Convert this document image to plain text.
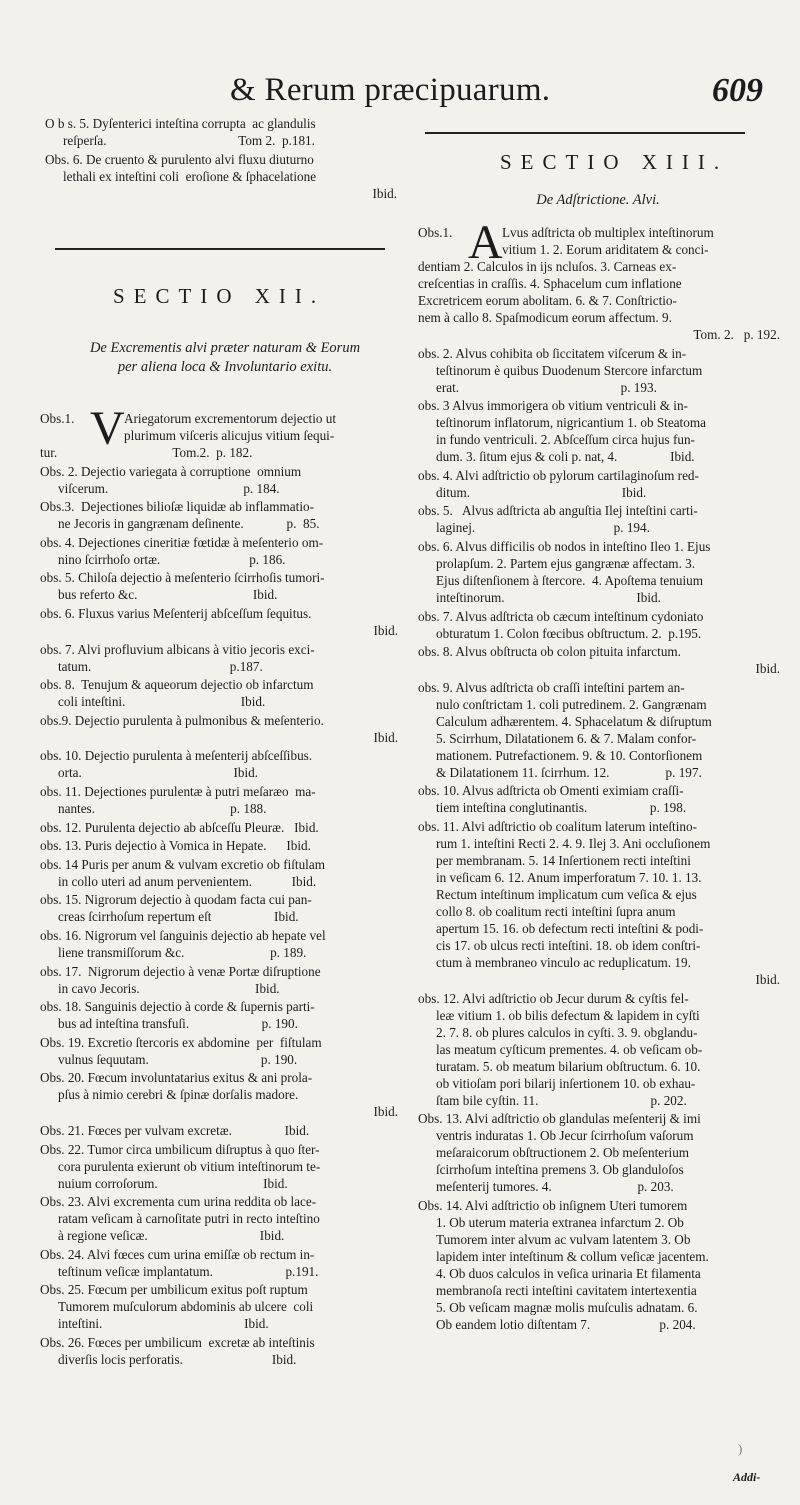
& Rerum præcipuarum.	609
SECTIO XII.
De Excrementis alvi præter naturam & Eorum
per aliena loca & Involuntario exitu.
SECTIO XIII.
De Adſtrictione. Alvi.
)
Addi-
O b s. 5. Dyſenterici inteſtina corrupta  ac glandulis
reſperſa.                                        Tom 2.  p.181.
Obs. 6. De cruento & purulento alvi fluxu diuturno
lethali ex inteſtini coli  eroſione & ſphacelatione
Ibid.
V
Obs.1.	Ariegatorum excrementorum dejectio ut
plurimum viſceris alicujus vitium ſequi-
tur.                                   Tom.2.  p. 182.
Obs. 2. Dejectio variegata à corruptione  omnium
viſcerum.                                         p. 184.
Obs.3.  Dejectiones bilioſæ liquidæ ab inflammatio-
ne Jecoris in gangrænam deſinente.             p.  85.
obs. 4. Dejectiones cineritiæ fœtidæ à meſenterio om-
nino ſcirrhoſo ortæ.                           p. 186.
obs. 5. Chiloſa dejectio à meſenterio ſcirrhoſis tumori-
bus referto &c.                                   Ibid.
obs. 6. Fluxus varius Meſenterij abſceſſum ſequitus.
Ibid.
obs. 7. Alvi profluvium albicans à vitio jecoris exci-
tatum.                                          p.187.
obs. 8.  Tenujum & aqueorum dejectio ob infarctum
coli inteſtini.                                   Ibid.
obs.9. Dejectio purulenta à pulmonibus & meſenterio.
Ibid.
obs. 10. Dejectio purulenta à meſenterij abſceſſibus.
orta.                                              Ibid.
obs. 11. Dejectiones purulentæ à putri meſaræo  ma-
nantes.                                         p. 188.
obs. 12. Purulenta dejectio ab abſceſſu Pleuræ.   Ibid.
obs. 13. Puris dejectio à Vomica in Hepate.      Ibid.
obs. 14 Puris per anum & vulvam excretio ob fiſtulam
in collo uteri ad anum pervenientem.            Ibid.
obs. 15. Nigrorum dejectio à quodam facta cui pan-
creas ſcirrhoſum repertum eſt                   Ibid.
obs. 16. Nigrorum vel ſanguinis dejectio ab hepate vel
liene transmiſſorum &c.                          p. 189.
obs. 17.  Nigrorum dejectio à venæ Portæ diſruptione
in cavo Jecoris.                                   Ibid.
obs. 18. Sanguinis dejectio à corde & ſupernis parti-
bus ad inteſtina transfuſi.                      p. 190.
Obs. 19. Excretio ſtercoris ex abdomine  per  fiſtulam
vulnus ſequutam.                                  p. 190.
Obs. 20. Fœcum involuntatarius exitus & ani prola-
pſus à nimio cerebri & ſpinæ dorſalis madore.
Ibid.
Obs. 21. Fœces per vulvam excretæ.                Ibid.
Obs. 22. Tumor circa umbilicum diſruptus à quo ſter-
cora purulenta exierunt ob vitium inteſtinorum te-
nuium corroſorum.                                Ibid.
Obs. 23. Alvi excrementa cum urina reddita ob lace-
ratam veſicam à carnoſitate putri in recto inteſtino
à regione veſicæ.                                  Ibid.
Obs. 24. Alvi fœces cum urina emiſſæ ob rectum in-
teſtinum veſicæ implantatum.                      p.191.
Obs. 25. Fœcum per umbilicum exitus poſt ruptum
Tumorem muſculorum abdominis ab ulcere  coli
inteſtini.                                           Ibid.
Obs. 26. Fœces per umbilicum  excretæ ab inteſtinis
diverſis locis perforatis.                           Ibid.
A
Obs.1.	Lvus adſtricta ob multiplex inteſtinorum
vitium 1. 2. Eorum ariditatem & conci-
dentiam 2. Calculos in ijs ncluſos. 3. Carneas ex-
creſcentias in craſſis. 4. Sphacelum cum inflatione
Excretricem eorum abolitam. 6. & 7. Conſtrictio-
nem à callo 8. Spaſmodicum eorum affectum. 9.
Tom. 2.   p. 192.
obs. 2. Alvus cohibita ob ſiccitatem viſcerum & in-
teſtinorum è quibus Duodenum Stercore infarctum
erat.                                                 p. 193.
obs. 3 Alvus immorigera ob vitium ventriculi & in-
teſtinorum inflatorum, nigricantium 1. ob Steatoma
in fundo ventriculi. 2. Abſceſſum circa hujus fun-
dum. 3. ſitum ejus & coli p. nat, 4.                Ibid.
obs. 4. Alvi adſtrictio ob pylorum cartilaginoſum red-
ditum.                                              Ibid.
obs. 5.   Alvus adſtricta ab anguſtia Ilej inteſtini carti-
laginej.                                          p. 194.
obs. 6. Alvus difficilis ob nodos in inteſtino Ileo 1. Ejus
prolapſum. 2. Partem ejus gangrænæ affectam. 3.
Ejus diſtenſionem à ſtercore.  4. Apoſtema tenuium
inteſtinorum.                                        Ibid.
obs. 7. Alvus adſtricta ob cæcum inteſtinum cydoniato
obturatum 1. Colon fœcibus obſtructum. 2.  p.195.
obs. 8. Alvus obſtructa ob colon pituita infarctum.
Ibid.
obs. 9. Alvus adſtricta ob craſſi inteſtini partem an-
nulo conſtrictam 1. coli putredinem. 2. Gangrænam
Calculum adhærentem. 4. Sphacelatum & diſruptum
5. Scirrhum, Dilatationem 6. & 7. Malam confor-
mationem. Putrefactionem. 9. & 10. Contorſionem
& Dilatationem 11. ſcirrhum. 12.                 p. 197.
obs. 10. Alvus adſtricta ob Omenti eximiam craſſi-
tiem inteſtina conglutinantis.                   p. 198.
obs. 11. Alvi adſtrictio ob coalitum laterum inteſtino-
rum 1. inteſtini Recti 2. 4. 9. Ilej 3. Ani occluſionem
per membranam. 5. 14 Inſertionem recti inteſtini
in veſicam 6. 12. Anum imperforatum 7. 10. 1. 13.
Rectum inteſtinum implicatum cum veſica & ejus
collo 8. ob coalitum recti inteſtini ſupra anum
apertum 15. 16. ob defectum recti inteſtini & podi-
cis 17. ob ulcus recti inteſtini. 18. ob idem conſtri-
ctum à membraneo vinculo ac reduplicatum. 19.
Ibid.
obs. 12. Alvi adſtrictio ob Jecur durum & cyſtis fel-
leæ vitium 1. ob bilis defectum & lapidem in cyſti
2. 7. 8. ob plures calculos in cyſti. 3. 9. obglandu-
las meatum cyſticum prementes. 4. ob veſicam ob-
turatam. 5. ob meatum bilarium obſtructum. 6. 10.
ob vitioſam pori bilarij inſertionem 10. ob exhau-
ſtam bile cyſtin. 11.                                  p. 202.
Obs. 13. Alvi adſtrictio ob glandulas meſenterij & imi
ventris induratas 1. Ob Jecur ſcirrhoſum vaſorum
meſaraicorum obſtructionem 2. Ob meſenterium
ſcirrhoſum inteſtina premens 3. Ob glanduloſos
meſenterij tumores. 4.                          p. 203.
Obs. 14. Alvi adſtrictio ob inſignem Uteri tumorem
1. Ob uterum materia extranea infarctum 2. Ob
Tumorem inter alvum ac vulvam latentem 3. Ob
lapidem inter inteſtinum & collum veſicæ jacentem.
4. Ob duos calculos in veſica urinaria Et filamenta
membranoſa recti inteſtini cavitatem intertexentia
5. Ob veſicam magnæ molis muſculis adnatam. 6.
Ob eandem lotio diſtentam 7.                     p. 204.
